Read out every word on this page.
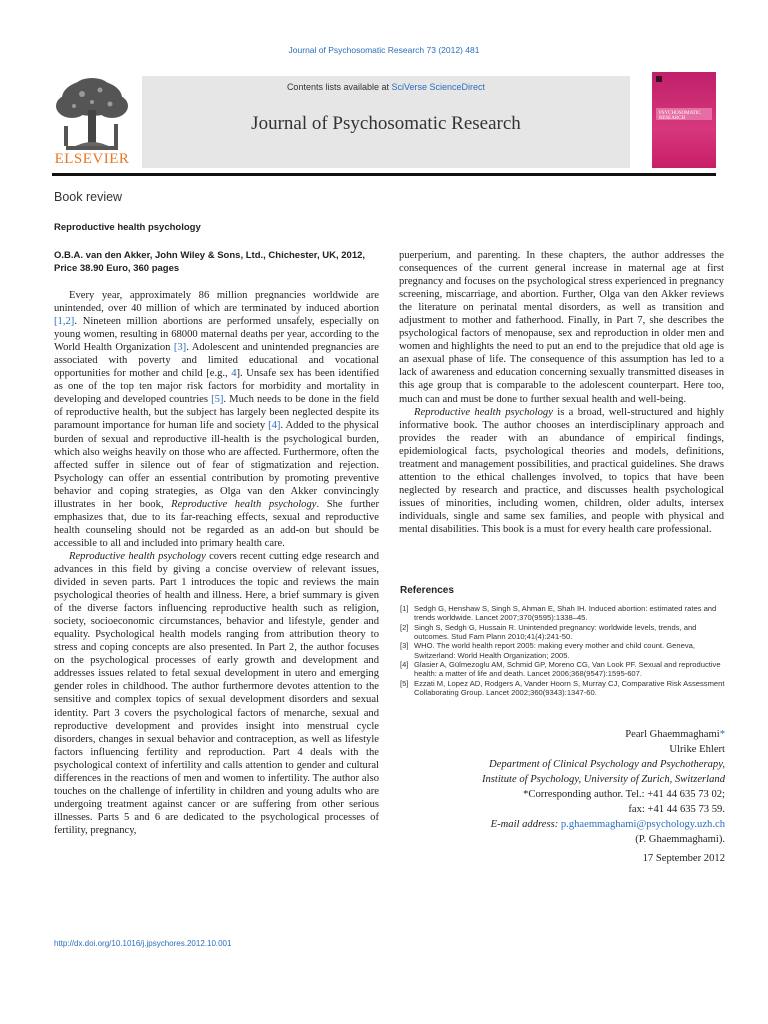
Journal of Psychosomatic Research 73 (2012) 481
ELSEVIER
Contents lists available at SciVerse ScienceDirect
Journal of Psychosomatic Research	PSYCHOSOMATIC RESEARCH
Book review
Reproductive health psychology
O.B.A. van den Akker, John Wiley & Sons, Ltd., Chichester, UK, 2012, Price 38.90 Euro, 360 pages

Every year, approximately 86 million pregnancies worldwide are unintended, over 40 million of which are terminated by induced abortion [1,2]. Nineteen million abortions are performed unsafely, especially on young women, resulting in 68000 maternal deaths per year, according to the World Health Organization [3]. Adolescent and unintended pregnancies are associated with poverty and limited educational and vocational opportunities for mother and child [e.g., 4]. Unsafe sex has been identified as one of the top ten major risk factors for morbidity and mortality in developing and developed countries [5]. Much needs to be done in the field of reproductive health, but the subject has largely been neglected despite its paramount importance for human life and society [4]. Added to the physical burden of sexual and reproductive ill-health is the psychological burden, which also weighs heavily on those who are affected. Furthermore, often the affected suffer in silence out of fear of stigmatization and rejection. Psychology can offer an essential contribution by promoting preventive behavior and coping strategies, as Olga van den Akker convincingly illustrates in her book, Reproductive health psychology. She further emphasizes that, due to its far-reaching effects, sexual and reproductive health counseling should not be regarded as an add-on but should be accessible to all and included into primary health care.

Reproductive health psychology covers recent cutting edge research and advances in this field by giving a concise overview of relevant issues, divided in seven parts. Part 1 introduces the topic and reviews the main psychological theories of health and illness. Here, a brief summary is given of the diverse factors influencing reproductive health such as religion, society, socioeconomic circumstances, behavior and lifestyle, gender and equality. Psychological health models ranging from attribution theory to stress and coping concepts are also presented. In Part 2, the author focuses on the psychological processes of early growth and development and addresses issues related to fetal sexual development in utero and emerging gender roles in childhood. The author furthermore devotes attention to the sensitive and complex topics of sexual development disorders and sexual identity. Part 3 covers the psychological factors of menarche, sexual and reproductive development and provides insight into menstrual cycle disorders, changes in sexual behavior and contraception, as well as lifestyle factors influencing fertility and reproduction. Part 4 deals with the psychological context of infertility and calls attention to gender and cultural differences in the reactions of men and women to infertility. The author also touches on the challenge of infertility in children and young adults who are undergoing treatment against cancer or are suffering from other serious illnesses. Parts 5 and 6 are dedicated to the psychological processes of fertility, pregnancy,

puerperium, and parenting. In these chapters, the author addresses the consequences of the current general increase in maternal age at first pregnancy and focuses on the psychological stress experienced in pregnancy screening, miscarriage, and abortion. Further, Olga van den Akker reviews the literature on perinatal mental disorders, as well as transition and adjustment to mother and fatherhood. Finally, in Part 7, she describes the psychological factors of menopause, sex and reproduction in older men and women and highlights the need to put an end to the prejudice that old age is an asexual phase of life. The consequence of this assumption has led to a lack of awareness and education concerning sexually transmitted diseases in this age group that is comparable to the adolescent counterpart. Here too, much can and must be done to further sexual health and well-being.

Reproductive health psychology is a broad, well-structured and highly informative book. The author chooses an interdisciplinary approach and provides the reader with an abundance of empirical findings, epidemiological facts, psychological theories and models, definitions, treatment and management possibilities, and practical guidelines. She draws attention to the ethical challenges involved, to topics that have been neglected by research and practice, and discusses health psychological issues of minorities, including women, children, older adults, intersex individuals, single and same sex families, and people with physical and mental disabilities. This book is a must for every health care professional.

References
[1] Sedgh G, Henshaw S, Singh S, Ahman E, Shah IH. Induced abortion: estimated rates and trends worldwide. Lancet 2007;370(9595):1338–45.
[2] Singh S, Sedgh G, Hussain R. Unintended pregnancy: worldwide levels, trends, and outcomes. Stud Fam Plann 2010;41(4):241-50.
[3] WHO. The world health report 2005: making every mother and child count. Geneva, Switzerland: World Health Organization; 2005.
[4] Glasier A, Gülmezoglu AM, Schmid GP, Moreno CG, Van Look PF. Sexual and reproductive health: a matter of life and death. Lancet 2006;368(9547):1595-607.
[5] Ezzati M, Lopez AD, Rodgers A, Vander Hoorn S, Murray CJ, Comparative Risk Assessment Collaborating Group. Lancet 2002;360(9343):1347-60.
Pearl Ghaemmaghami*
Ulrike Ehlert
Department of Clinical Psychology and Psychotherapy,
Institute of Psychology, University of Zurich, Switzerland
*Corresponding author. Tel.: +41 44 635 73 02;
fax: +41 44 635 73 59.
E-mail address: p.ghaemmaghami@psychology.uzh.ch
(P. Ghaemmaghami).
17 September 2012
http://dx.doi.org/10.1016/j.jpsychores.2012.10.001
